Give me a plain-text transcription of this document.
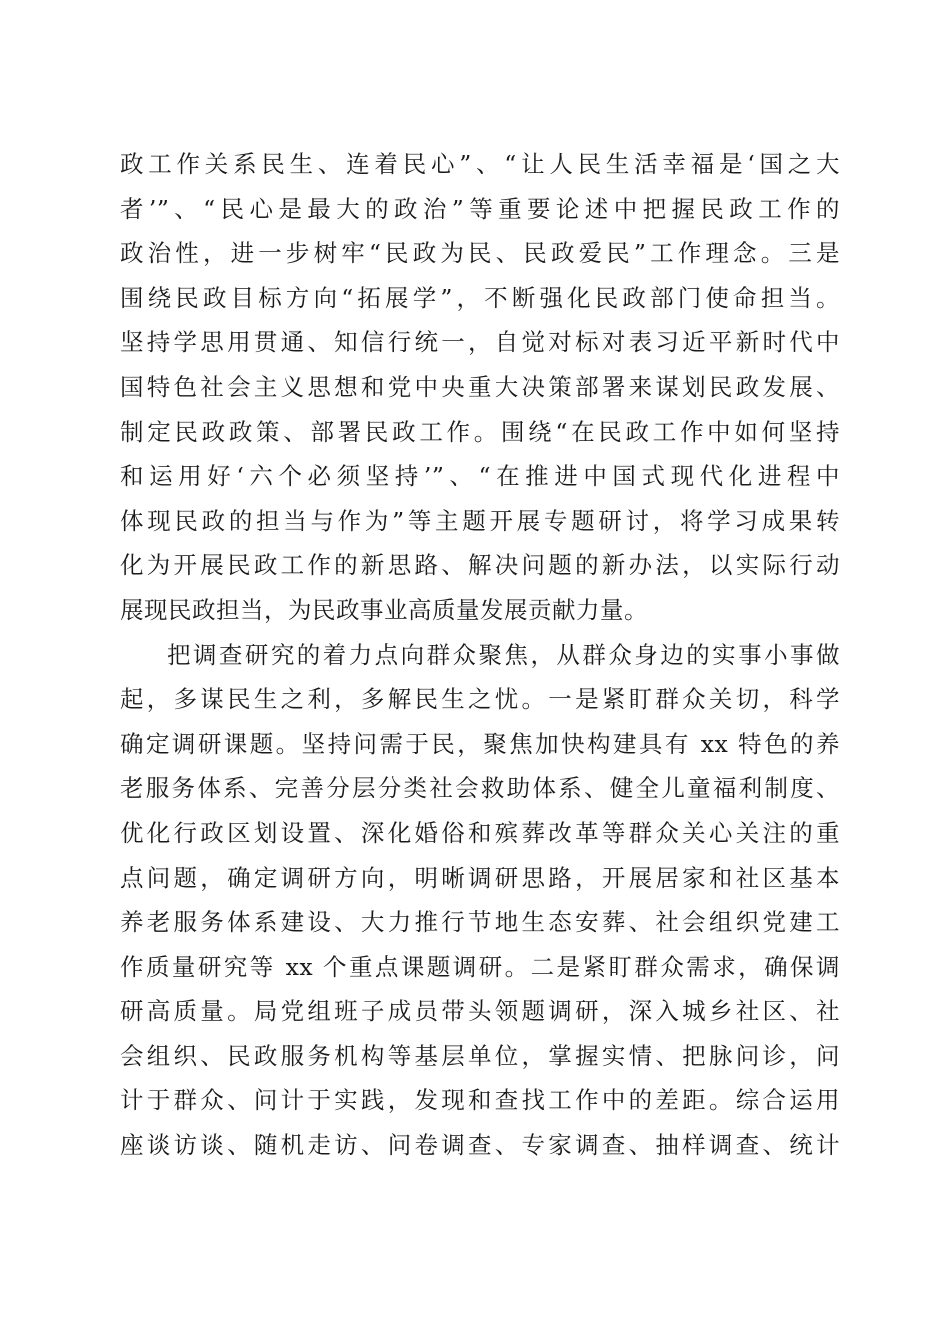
政工作关系民生、连着民心”、“让人民生活幸福是‘国之大
者’”、“民心是最大的政治”等重要论述中把握民政工作的
政治性，进一步树牢“民政为民、民政爱民”工作理念。三是
围绕民政目标方向“拓展学”，不断强化民政部门使命担当。
坚持学思用贯通、知信行统一，自觉对标对表习近平新时代中
国特色社会主义思想和党中央重大决策部署来谋划民政发展、
制定民政政策、部署民政工作。围绕“在民政工作中如何坚持
和运用好‘六个必须坚持’”、“在推进中国式现代化进程中
体现民政的担当与作为”等主题开展专题研讨，将学习成果转
化为开展民政工作的新思路、解决问题的新办法，以实际行动
展现民政担当，为民政事业高质量发展贡献力量。
把调查研究的着力点向群众聚焦，从群众身边的实事小事做
起，多谋民生之利，多解民生之忧。一是紧盯群众关切，科学
确定调研课题。坚持问需于民，聚焦加快构建具有 xx 特色的养
老服务体系、完善分层分类社会救助体系、健全儿童福利制度、
优化行政区划设置、深化婚俗和殡葬改革等群众关心关注的重
点问题，确定调研方向，明晰调研思路，开展居家和社区基本
养老服务体系建设、大力推行节地生态安葬、社会组织党建工
作质量研究等 xx 个重点课题调研。二是紧盯群众需求，确保调
研高质量。局党组班子成员带头领题调研，深入城乡社区、社
会组织、民政服务机构等基层单位，掌握实情、把脉问诊，问
计于群众、问计于实践，发现和查找工作中的差距。综合运用
座谈访谈、随机走访、问卷调查、专家调查、抽样调查、统计
